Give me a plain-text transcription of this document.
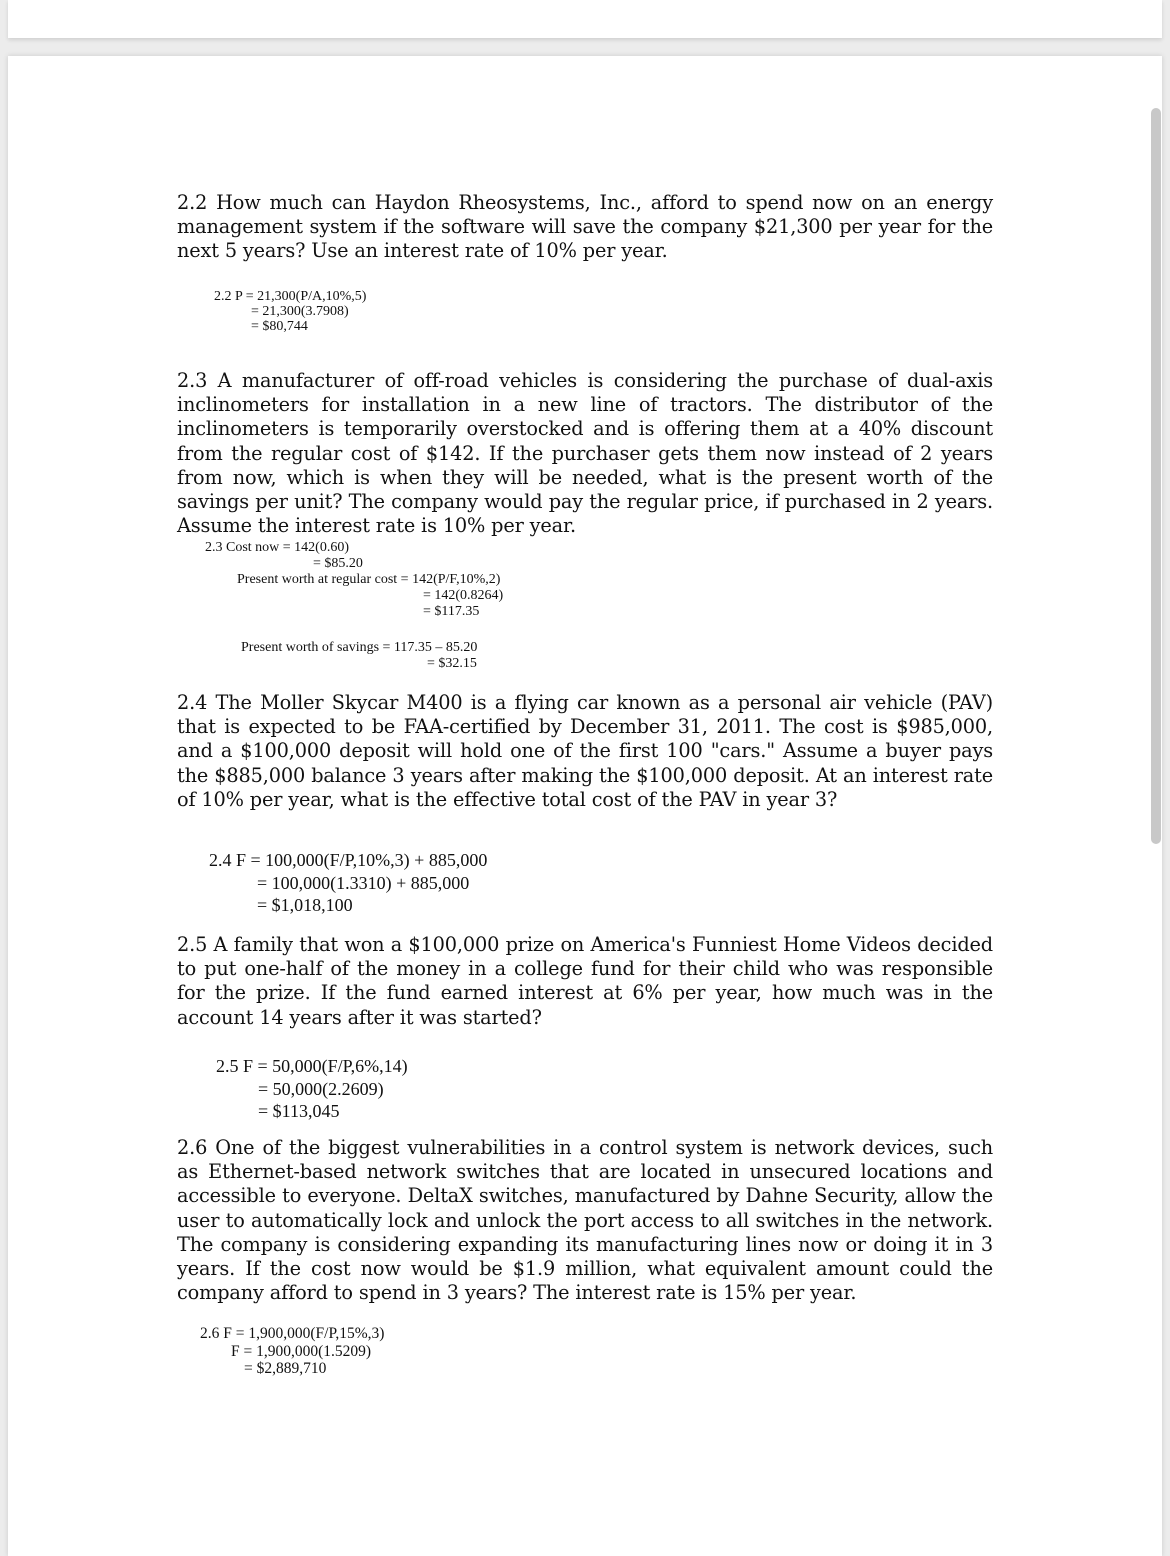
2.2 How much can Haydon Rheosystems, Inc., afford to spend now on an energy management system if the software will save the company $21,300 per year for the next 5 years? Use an interest rate of 10% per year.

2.2 P = 21,300(P/A,10%,5)
= 21,300(3.7908)
= $80,744

2.3 A manufacturer of off-road vehicles is considering the purchase of dual-axis inclinometers for installation in a new line of tractors. The distributor of the inclinometers is temporarily overstocked and is offering them at a 40% discount from the regular cost of $142. If the purchaser gets them now instead of 2 years from now, which is when they will be needed, what is the present worth of the savings per unit? The company would pay the regular price, if purchased in 2 years. Assume the interest rate is 10% per year.

2.3 Cost now = 142(0.60)
= $85.20
Present worth at regular cost = 142(P/F,10%,2)
= 142(0.8264)
= $117.35
Present worth of savings = 117.35 – 85.20
= $32.15

2.4 The Moller Skycar M400 is a flying car known as a personal air vehicle (PAV) that is expected to be FAA-certified by December 31, 2011. The cost is $985,000, and a $100,000 deposit will hold one of the first 100 "cars." Assume a buyer pays the $885,000 balance 3 years after making the $100,000 deposit. At an interest rate of 10% per year, what is the effective total cost of the PAV in year 3?

2.4 F = 100,000(F/P,10%,3) + 885,000
= 100,000(1.3310) + 885,000
= $1,018,100

2.5 A family that won a $100,000 prize on America's Funniest Home Videos decided to put one-half of the money in a college fund for their child who was responsible for the prize. If the fund earned interest at 6% per year, how much was in the account 14 years after it was started?

2.5 F = 50,000(F/P,6%,14)
= 50,000(2.2609)
= $113,045

2.6 One of the biggest vulnerabilities in a control system is network devices, such as Ethernet-based network switches that are located in unsecured locations and accessible to everyone. DeltaX switches, manufactured by Dahne Security, allow the user to automatically lock and unlock the port access to all switches in the network. The company is considering expanding its manufacturing lines now or doing it in 3 years. If the cost now would be $1.9 million, what equivalent amount could the company afford to spend in 3 years? The interest rate is 15% per year.

2.6 F = 1,900,000(F/P,15%,3)
F = 1,900,000(1.5209)
= $2,889,710
